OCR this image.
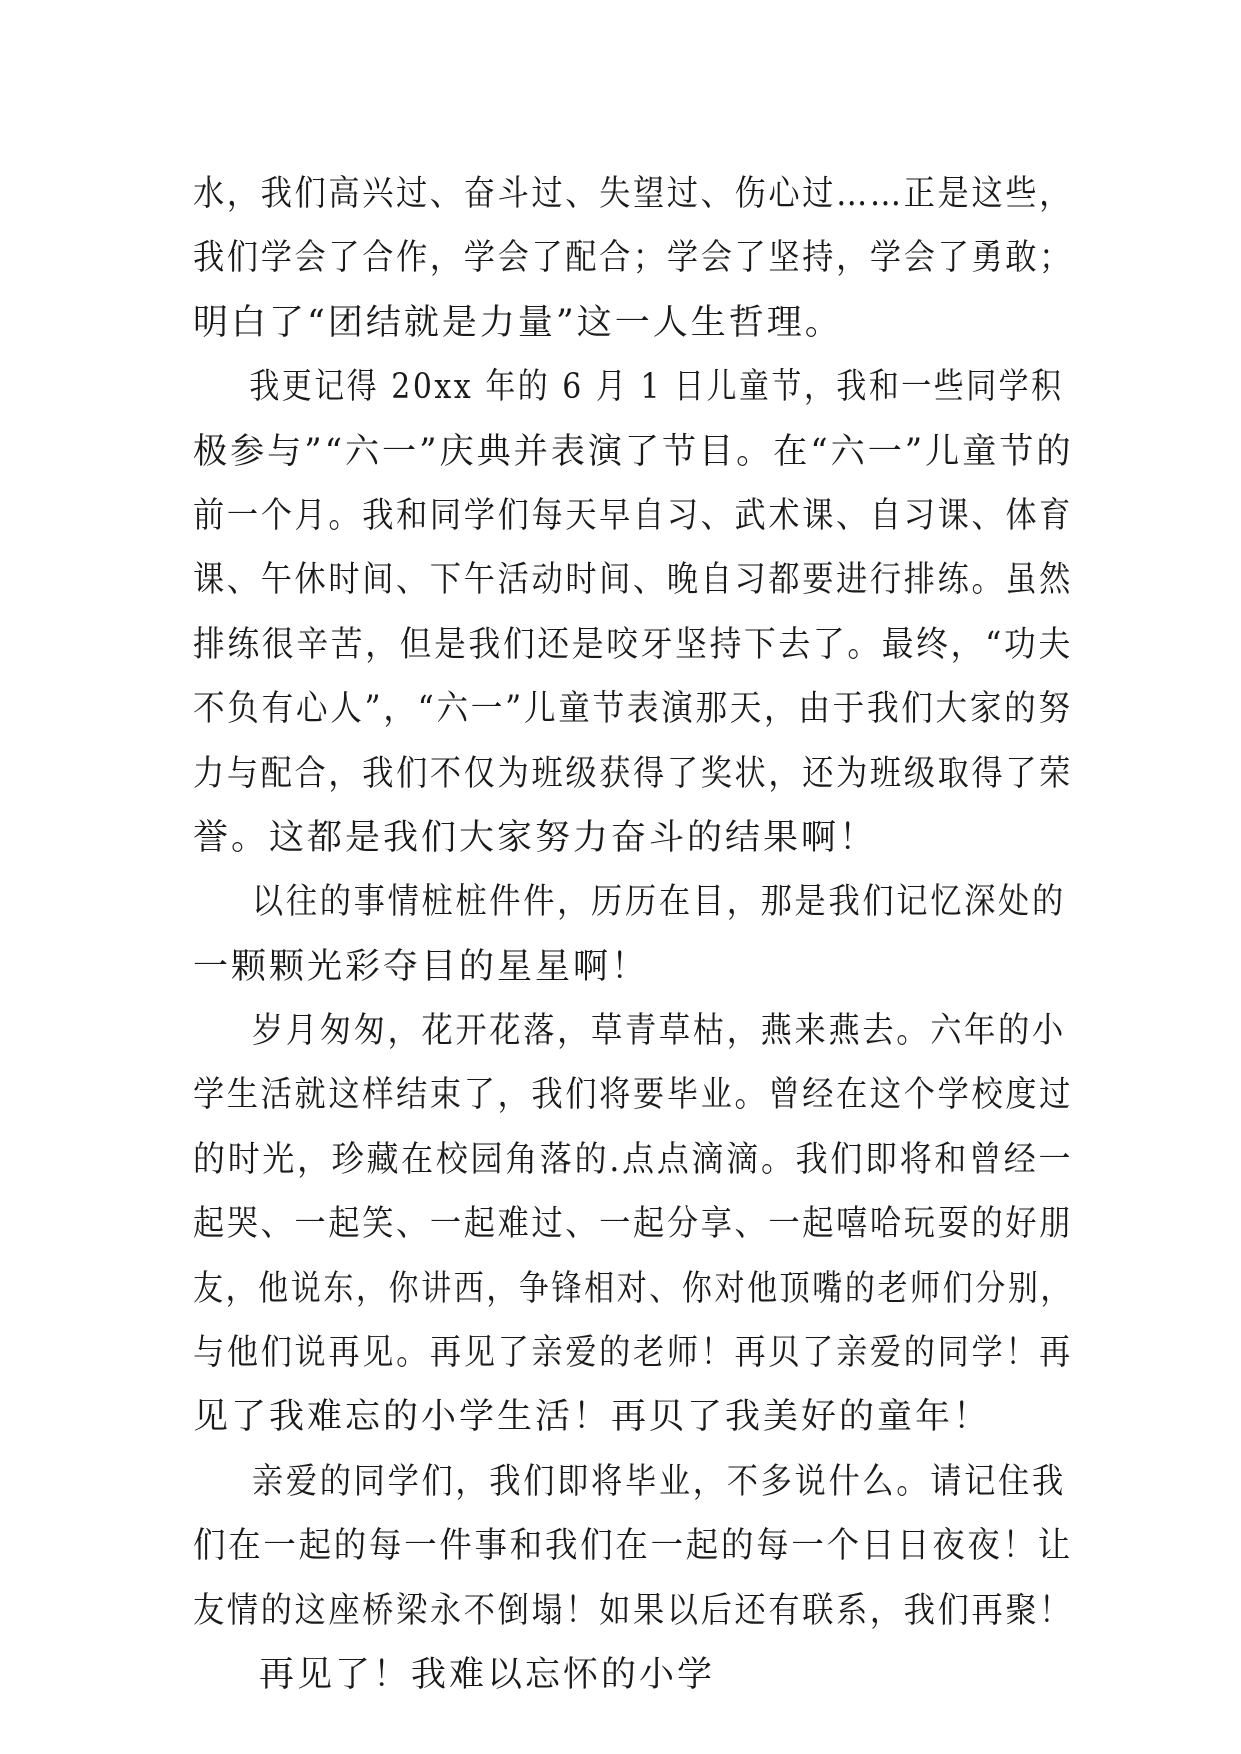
水，我们高兴过、奋斗过、失望过、伤心过……正是这些，
我们学会了合作，学会了配合；学会了坚持，学会了勇敢；
明白了“团结就是力量”这一人生哲理。
我更记得 20xx 年的 6 月 1 日儿童节，我和一些同学积
极参与”“六一”庆典并表演了节目。在“六一”儿童节的
前一个月。我和同学们每天早自习、武术课、自习课、体育
课、午休时间、下午活动时间、晚自习都要进行排练。虽然
排练很辛苦，但是我们还是咬牙坚持下去了。最终，“功夫
不负有心人”，“六一”儿童节表演那天，由于我们大家的努
力与配合，我们不仅为班级获得了奖状，还为班级取得了荣
誉。这都是我们大家努力奋斗的结果啊！
以往的事情桩桩件件，历历在目，那是我们记忆深处的
一颗颗光彩夺目的星星啊！
岁月匆匆，花开花落，草青草枯，燕来燕去。六年的小
学生活就这样结束了，我们将要毕业。曾经在这个学校度过
的时光，珍藏在校园角落的.点点滴滴。我们即将和曾经一
起哭、一起笑、一起难过、一起分享、一起嘻哈玩耍的好朋
友，他说东，你讲西，争锋相对、你对他顶嘴的老师们分别，
与他们说再见。再见了亲爱的老师！再贝了亲爱的同学！再
见了我难忘的小学生活！再贝了我美好的童年！
亲爱的同学们，我们即将毕业，不多说什么。请记住我
们在一起的每一件事和我们在一起的每一个日日夜夜！让
友情的这座桥梁永不倒塌！如果以后还有联系，我们再聚！
再见了！我难以忘怀的小学
